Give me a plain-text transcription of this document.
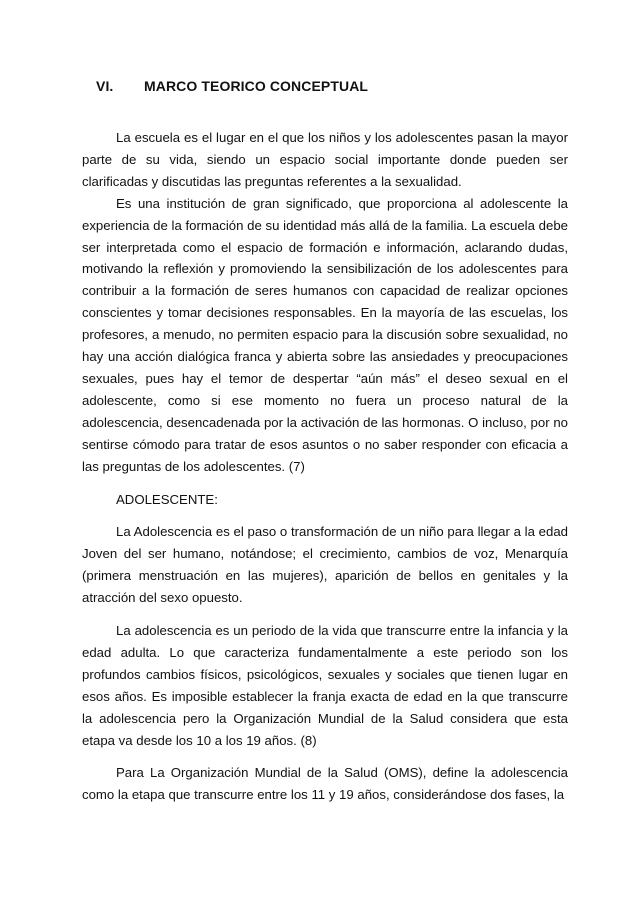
VI. MARCO TEORICO CONCEPTUAL

La escuela es el lugar en el que los niños y los adolescentes pasan la mayor parte de su vida, siendo un espacio social importante donde pueden ser clarificadas y discutidas las preguntas referentes a la sexualidad.

Es una institución de gran significado, que proporciona al adolescente la experiencia de la formación de su identidad más allá de la familia. La escuela debe ser interpretada como el espacio de formación e información, aclarando dudas, motivando la reflexión y promoviendo la sensibilización de los adolescentes para contribuir a la formación de seres humanos con capacidad de realizar opciones conscientes y tomar decisiones responsables. En la mayoría de las escuelas, los profesores, a menudo, no permiten espacio para la discusión sobre sexualidad, no hay una acción dialógica franca y abierta sobre las ansiedades y preocupaciones sexuales, pues hay el temor de despertar “aún más” el deseo sexual en el adolescente, como si ese momento no fuera un proceso natural de la adolescencia, desencadenada por la activación de las hormonas. O incluso, por no sentirse cómodo para tratar de esos asuntos o no saber responder con eficacia a las preguntas de los adolescentes. (7)

ADOLESCENTE:

La Adolescencia es el paso o transformación de un niño para llegar a la edad Joven del ser humano, notándose; el crecimiento, cambios de voz, Menarquía (primera menstruación en las mujeres), aparición de bellos en genitales y la atracción del sexo opuesto.

La adolescencia es un periodo de la vida que transcurre entre la infancia y la edad adulta. Lo que caracteriza fundamentalmente a este periodo son los profundos cambios físicos, psicológicos, sexuales y sociales que tienen lugar en esos años. Es imposible establecer la franja exacta de edad en la que transcurre la adolescencia pero la Organización Mundial de la Salud considera que esta etapa va desde los 10 a los 19 años. (8)

Para La Organización Mundial de la Salud (OMS), define la adolescencia como la etapa que transcurre entre los 11 y 19 años, considerándose dos fases, la
